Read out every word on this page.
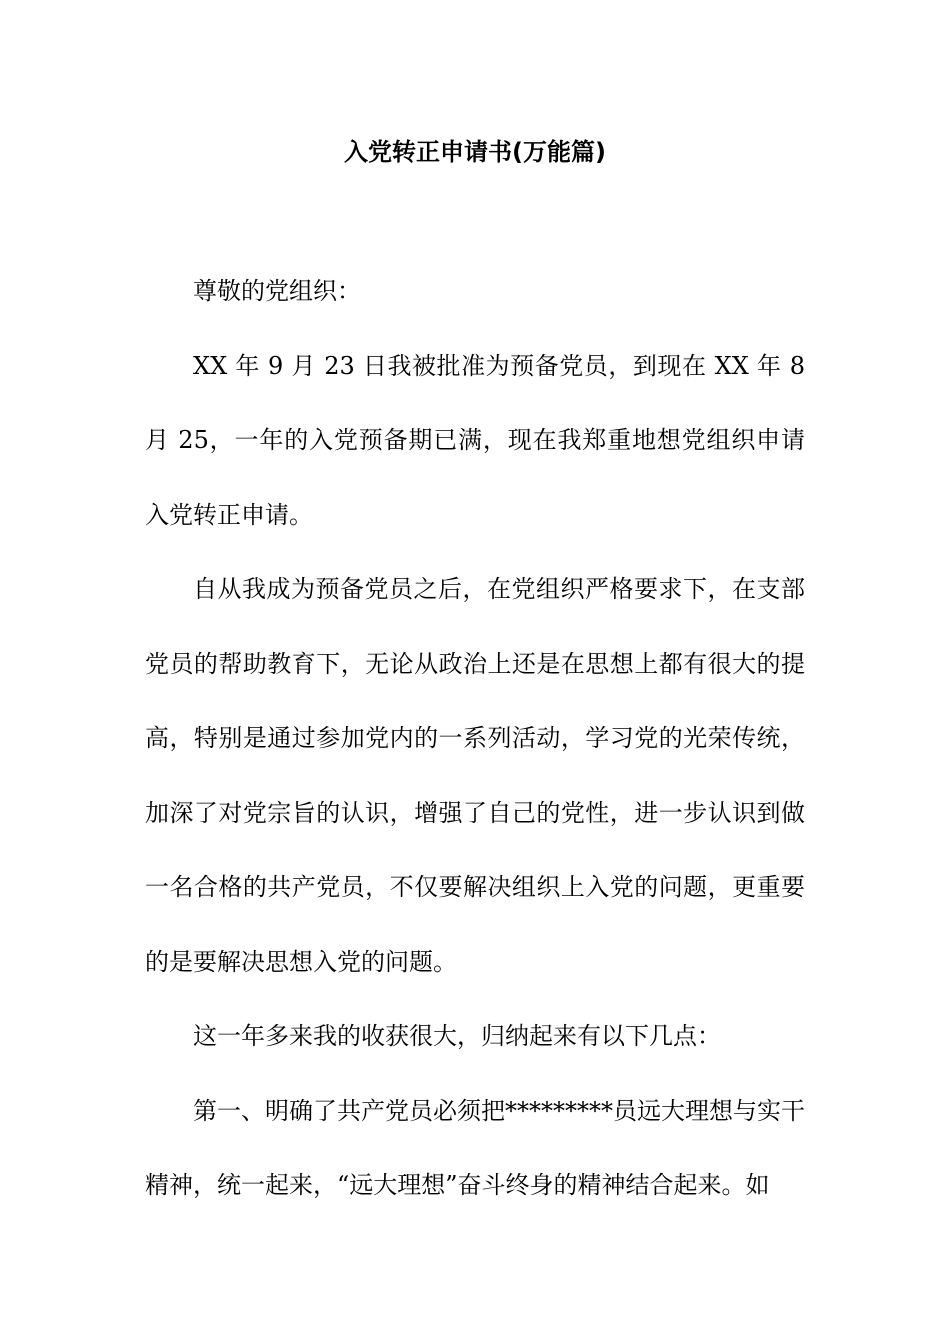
入党转正申请书(万能篇)

尊敬的党组织：

XX 年 9 月 23 日我被批准为预备党员，到现在 XX 年 8 月 25，一年的入党预备期已满，现在我郑重地想党组织申请入党转正申请。

自从我成为预备党员之后，在党组织严格要求下，在支部党员的帮助教育下，无论从政治上还是在思想上都有很大的提高，特别是通过参加党内的一系列活动，学习党的光荣传统，加深了对党宗旨的认识，增强了自己的党性，进一步认识到做一名合格的共产党员，不仅要解决组织上入党的问题，更重要的是要解决思想入党的问题。

这一年多来我的收获很大，归纳起来有以下几点：

第一、明确了共产党员必须把*********员远大理想与实干精神，统一起来，“远大理想”奋斗终身的精神结合起来。如
